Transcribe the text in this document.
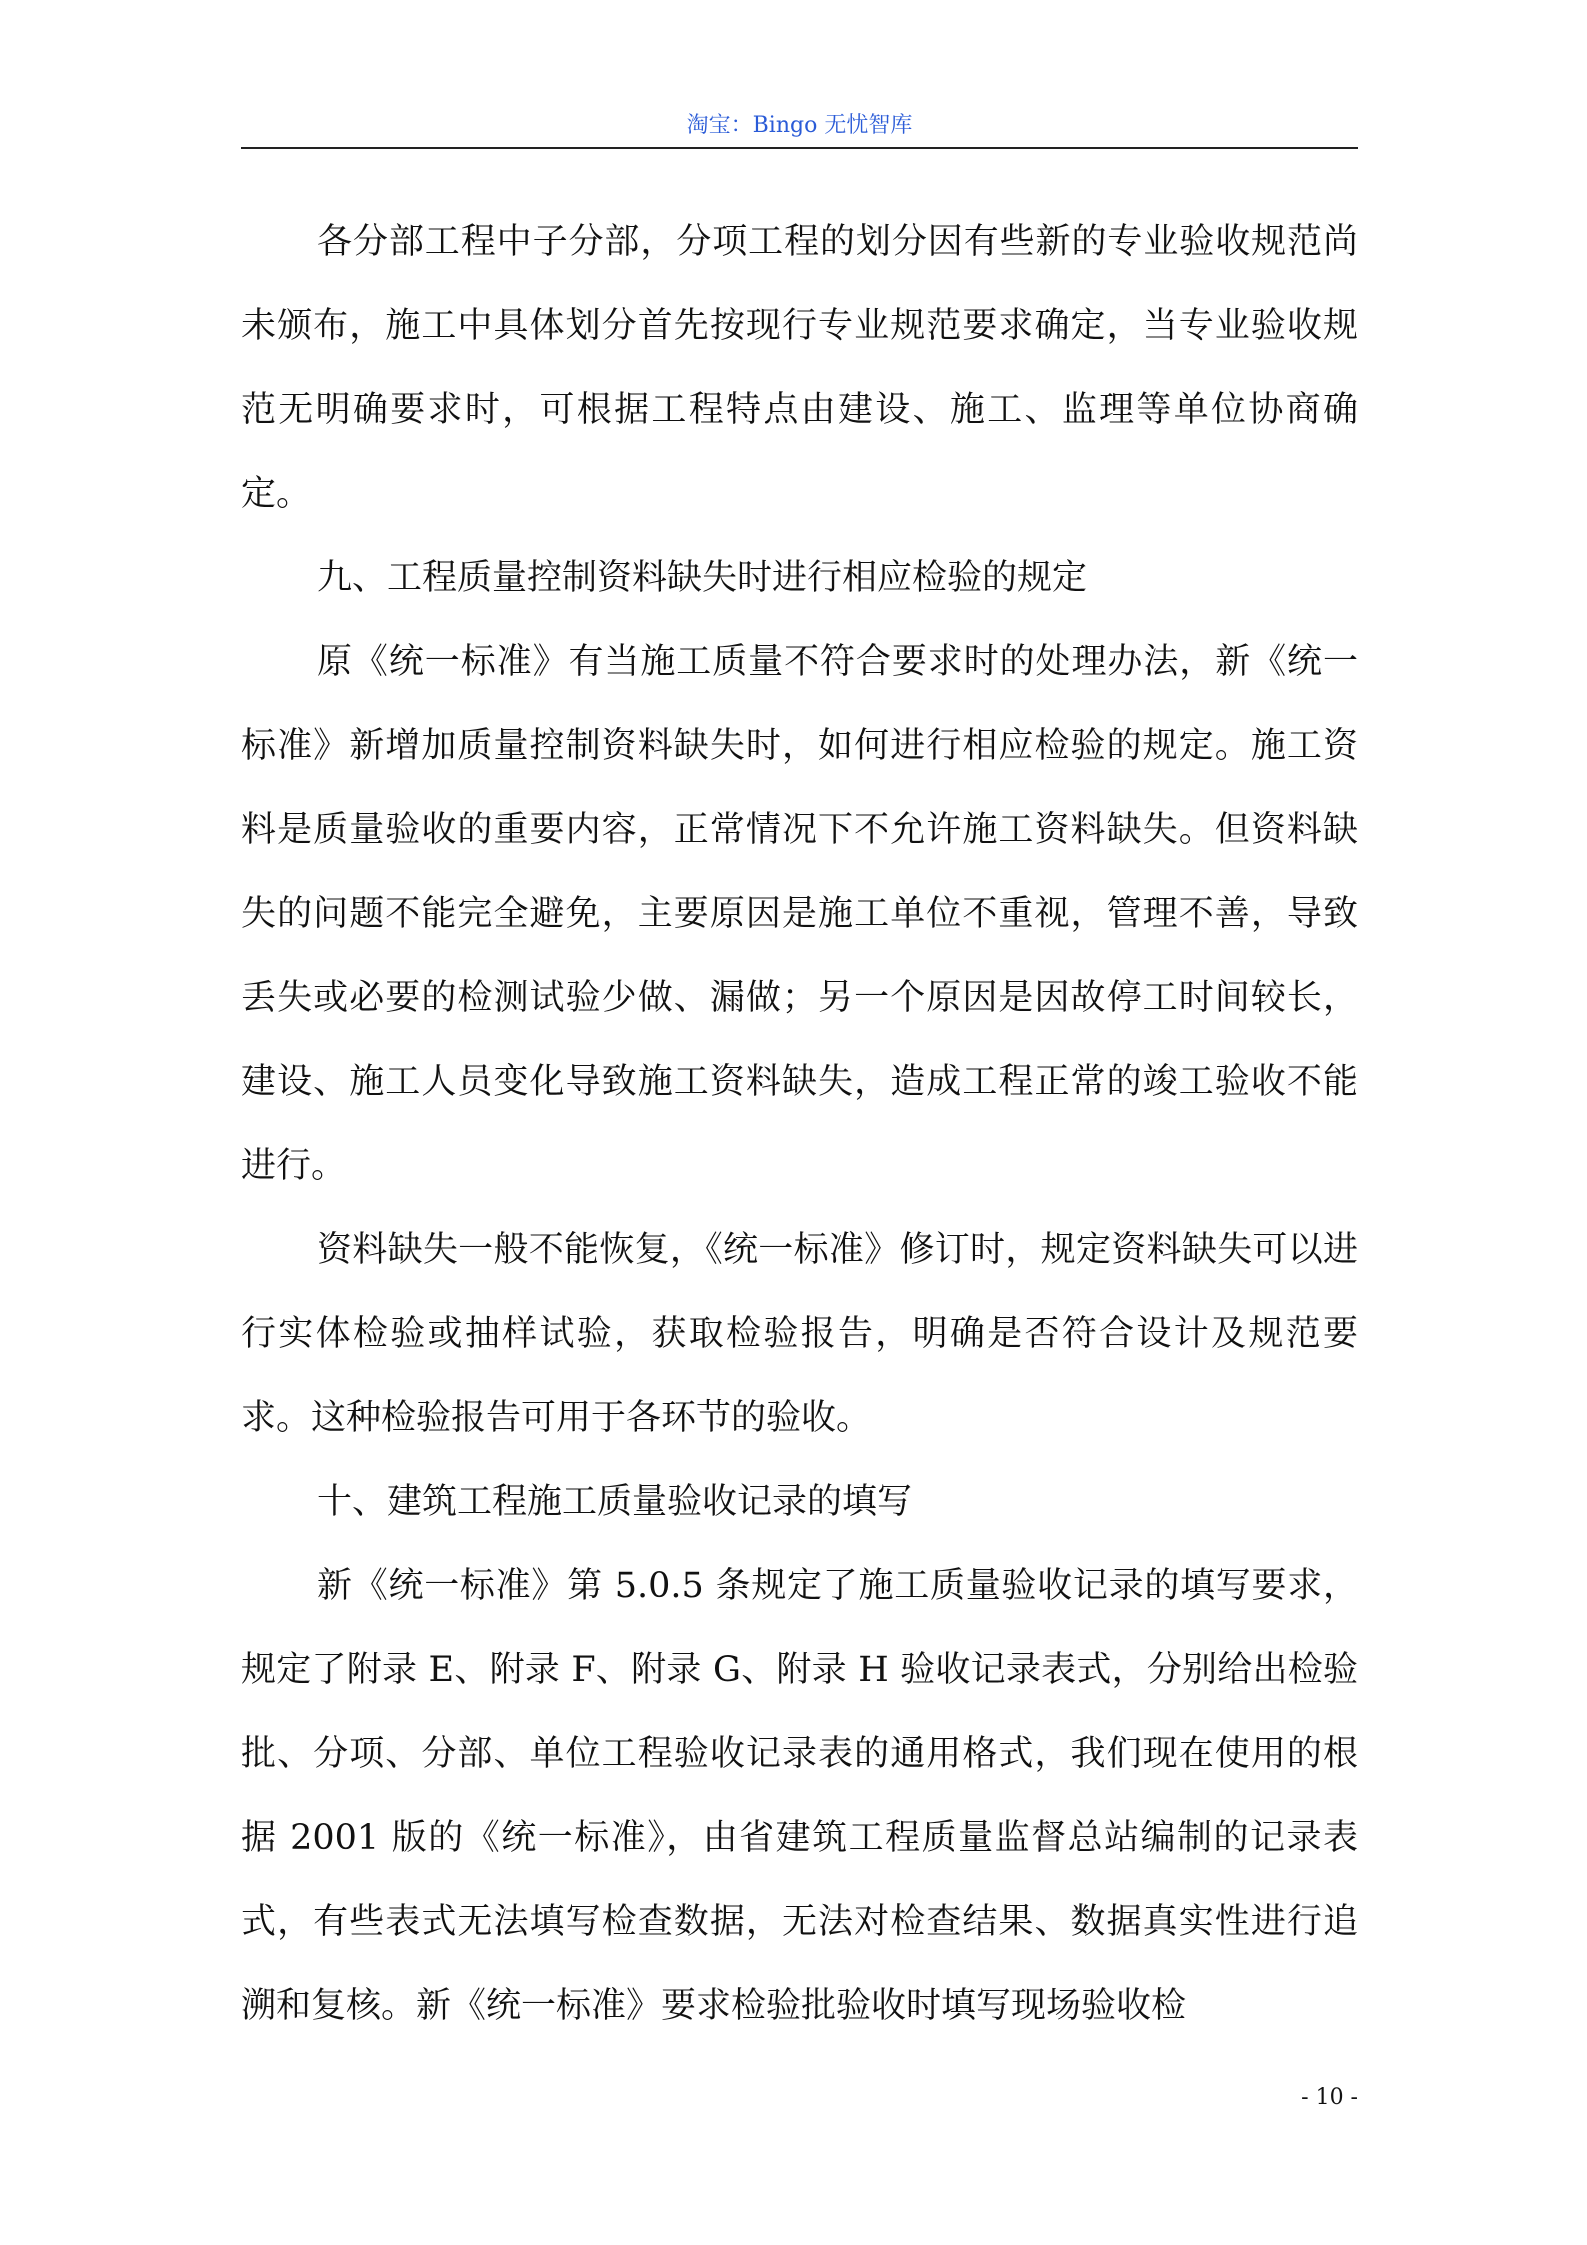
淘宝：Bingo 无忧智库

各分部工程中子分部，分项工程的划分因有些新的专业验收规范尚未颁布，施工中具体划分首先按现行专业规范要求确定，当专业验收规范无明确要求时，可根据工程特点由建设、施工、监理等单位协商确定。

九、工程质量控制资料缺失时进行相应检验的规定

原《统一标准》有当施工质量不符合要求时的处理办法，新《统一标准》新增加质量控制资料缺失时，如何进行相应检验的规定。施工资料是质量验收的重要内容，正常情况下不允许施工资料缺失。但资料缺失的问题不能完全避免，主要原因是施工单位不重视，管理不善，导致丢失或必要的检测试验少做、漏做；另一个原因是因故停工时间较长，建设、施工人员变化导致施工资料缺失，造成工程正常的竣工验收不能进行。

资料缺失一般不能恢复，《统一标准》修订时，规定资料缺失可以进行实体检验或抽样试验，获取检验报告，明确是否符合设计及规范要求。这种检验报告可用于各环节的验收。

十、建筑工程施工质量验收记录的填写

新《统一标准》第 5.0.5 条规定了施工质量验收记录的填写要求，规定了附录 E、附录 F、附录 G、附录 H 验收记录表式，分别给出检验批、分项、分部、单位工程验收记录表的通用格式，我们现在使用的根据 2001 版的《统一标准》，由省建筑工程质量监督总站编制的记录表式，有些表式无法填写检查数据，无法对检查结果、数据真实性进行追溯和复核。新《统一标准》要求检验批验收时填写现场验收检

- 10 -
